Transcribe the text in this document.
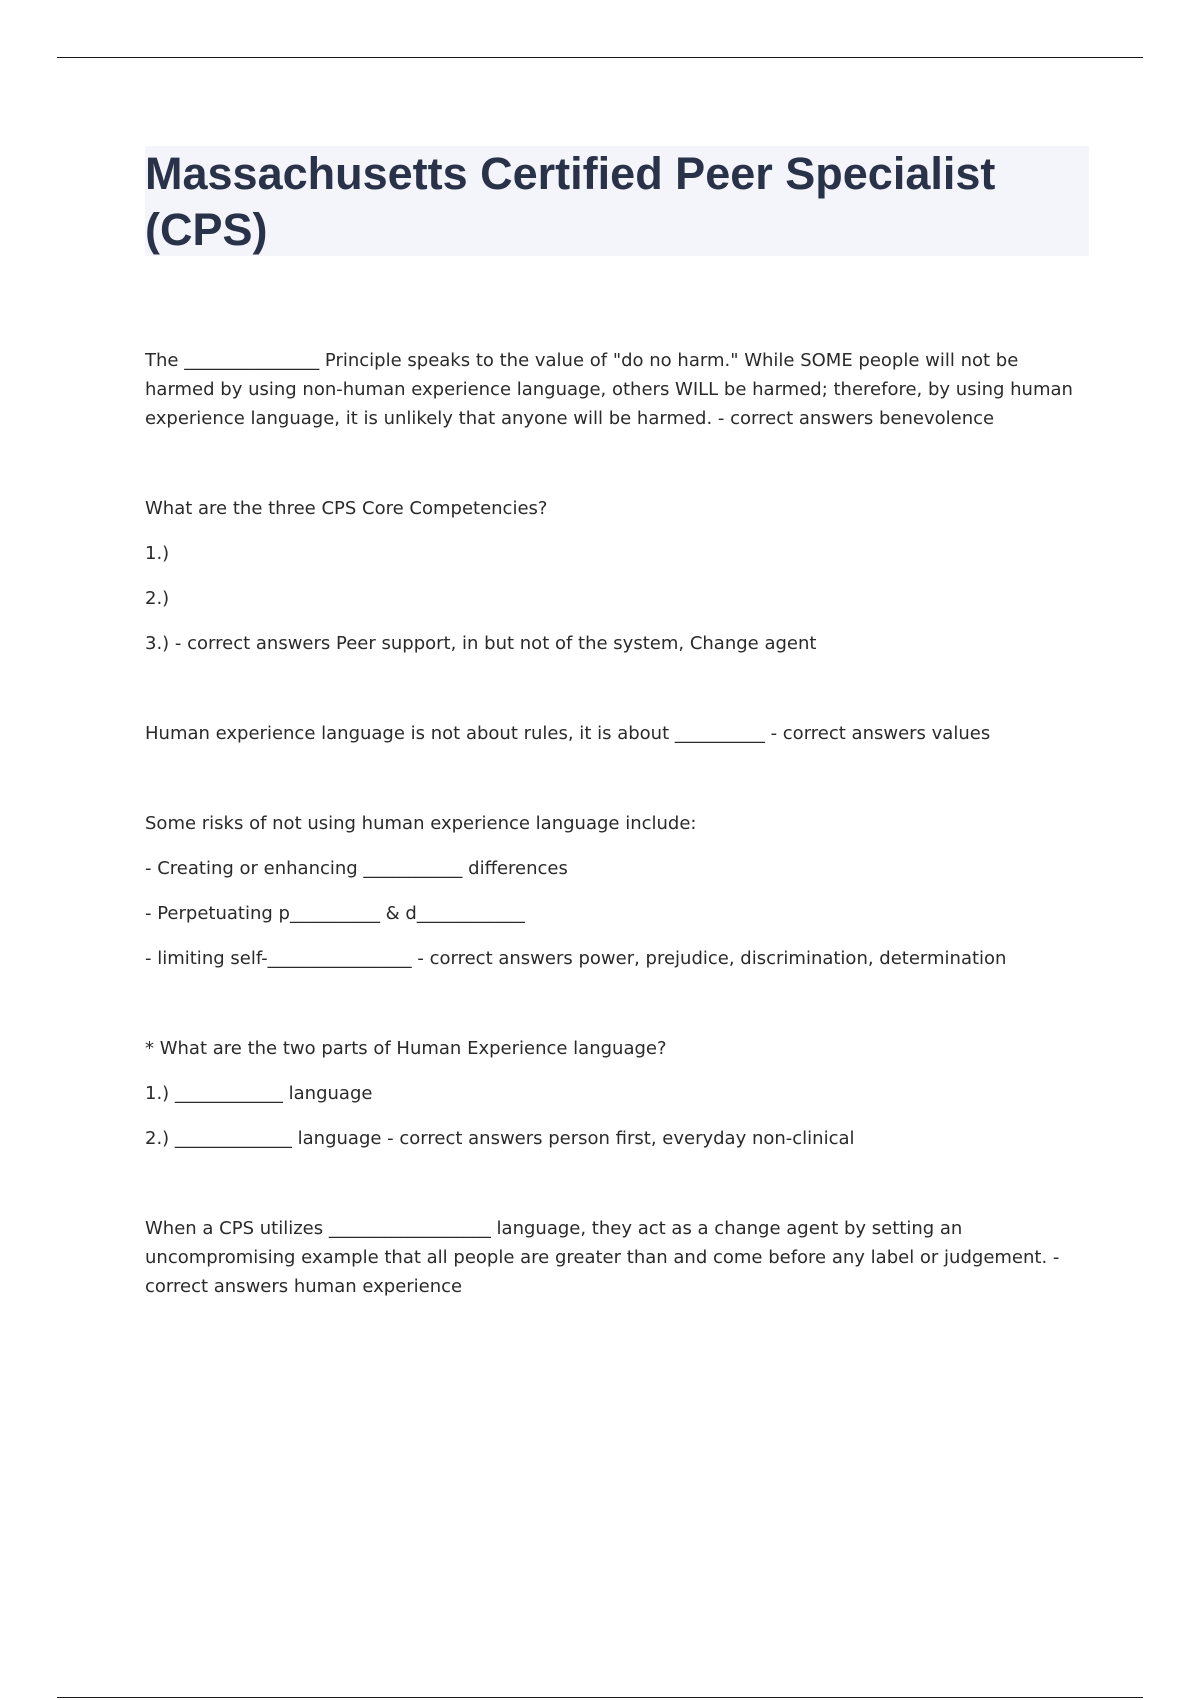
Massachusetts Certified Peer Specialist (CPS)

The _______________ Principle speaks to the value of "do no harm." While SOME people will not be harmed by using non-human experience language, others WILL be harmed; therefore, by using human experience language, it is unlikely that anyone will be harmed. - correct answers benevolence

What are the three CPS Core Competencies?

1.)

2.)

3.) - correct answers Peer support, in but not of the system, Change agent

Human experience language is not about rules, it is about __________ - correct answers values

Some risks of not using human experience language include:

- Creating or enhancing ___________ differences

- Perpetuating p__________ & d____________

- limiting self-________________ - correct answers power, prejudice, discrimination, determination

* What are the two parts of Human Experience language?

1.) ____________ language

2.) _____________ language - correct answers person first, everyday non-clinical

When a CPS utilizes __________________ language, they act as a change agent by setting an uncompromising example that all people are greater than and come before any label or judgement. - correct answers human experience
